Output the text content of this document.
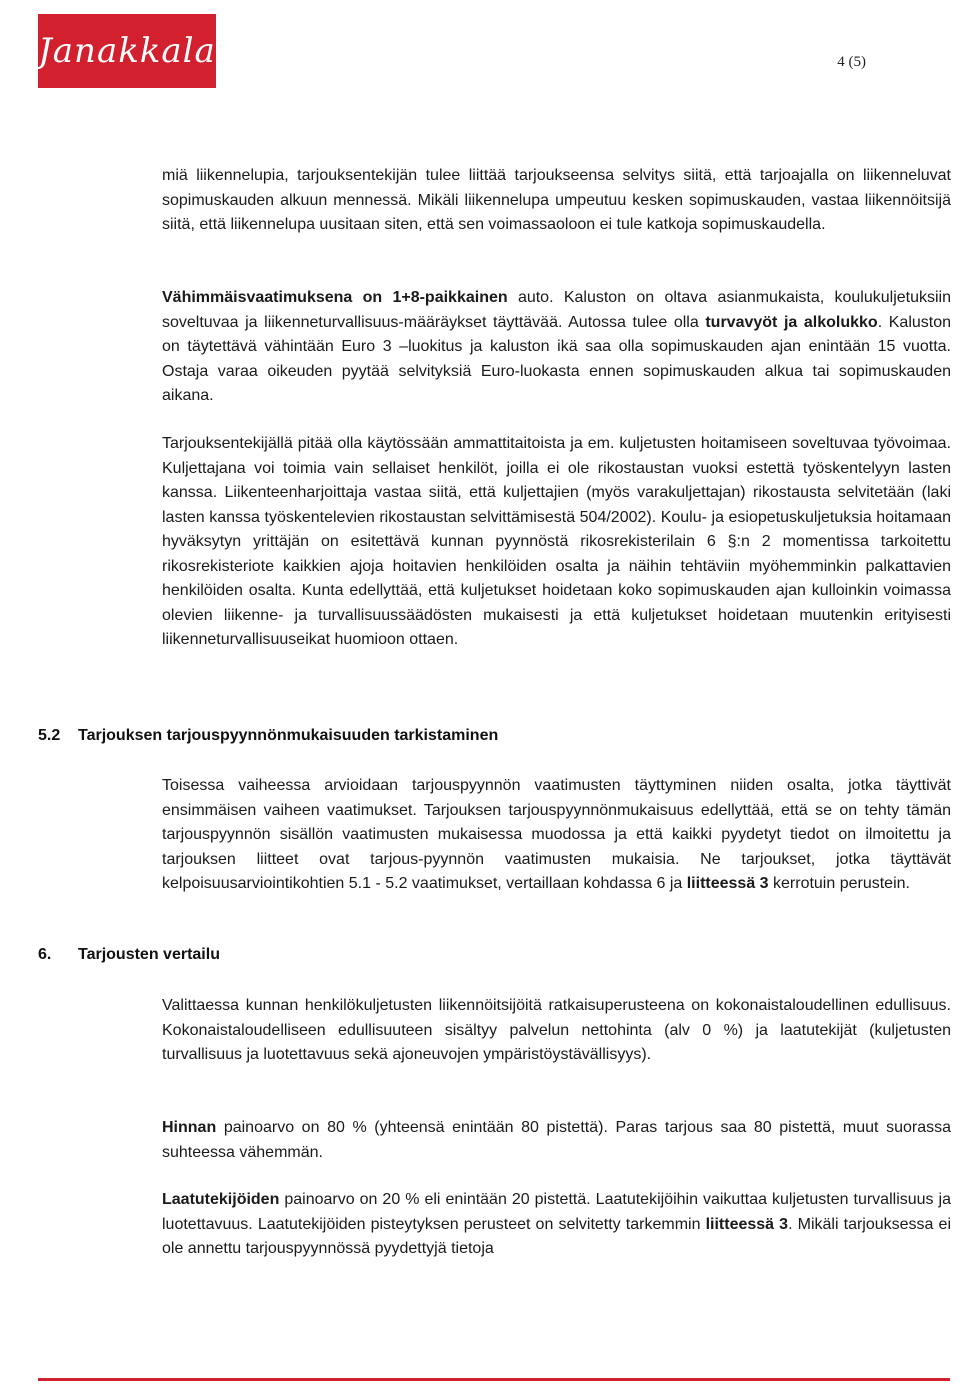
Janakkala	4 (5)

miä liikennelupia, tarjouksentekijän tulee liittää tarjoukseensa selvitys siitä, että tarjoajalla on liikenneluvat sopimuskauden alkuun mennessä. Mikäli liikennelupa umpeutuu kesken sopimuskauden, vastaa liikennöitsijä siitä, että liikennelupa uusitaan siten, että sen voimassaoloon ei tule katkoja sopimuskaudella.

Vähimmäisvaatimuksena on 1+8-paikkainen auto. Kaluston on oltava asianmukaista, koulukuljetuksiin soveltuvaa ja liikenneturvallisuus-määräykset täyttävää. Autossa tulee olla turvavyöt ja alkolukko. Kaluston on täytettävä vähintään Euro 3 –luokitus ja kaluston ikä saa olla sopimuskauden ajan enintään 15 vuotta. Ostaja varaa oikeuden pyytää selvityksiä Euro-luokasta ennen sopimuskauden alkua tai sopimuskauden aikana.

Tarjouksentekijällä pitää olla käytössään ammattitaitoista ja em. kuljetusten hoitamiseen soveltuvaa työvoimaa. Kuljettajana voi toimia vain sellaiset henkilöt, joilla ei ole rikostaustan vuoksi estettä työskentelyyn lasten kanssa. Liikenteenharjoittaja vastaa siitä, että kuljettajien (myös varakuljettajan) rikostausta selvitetään (laki lasten kanssa työskentelevien rikostaustan selvittämisestä 504/2002). Koulu- ja esiopetuskuljetuksia hoitamaan hyväksytyn yrittäjän on esitettävä kunnan pyynnöstä rikosrekisterilain 6 §:n 2 momentissa tarkoitettu rikosrekisteriote kaikkien ajoja hoitavien henkilöiden osalta ja näihin tehtäviin myöhemminkin palkattavien henkilöiden osalta. Kunta edellyttää, että kuljetukset hoidetaan koko sopimuskauden ajan kulloinkin voimassa olevien liikenne- ja turvallisuussäädösten mukaisesti ja että kuljetukset hoidetaan muutenkin erityisesti liikenneturvallisuuseikat huomioon ottaen.

5.2 Tarjouksen tarjouspyynnönmukaisuuden tarkistaminen

Toisessa vaiheessa arvioidaan tarjouspyynnön vaatimusten täyttyminen niiden osalta, jotka täyttivät ensimmäisen vaiheen vaatimukset. Tarjouksen tarjouspyynnönmukaisuus edellyttää, että se on tehty tämän tarjouspyynnön sisällön vaatimusten mukaisessa muodossa ja että kaikki pyydetyt tiedot on ilmoitettu ja tarjouksen liitteet ovat tarjous-pyynnön vaatimusten mukaisia. Ne tarjoukset, jotka täyttävät kelpoisuusarviointikohtien 5.1 - 5.2 vaatimukset, vertaillaan kohdassa 6 ja liitteessä 3 kerrotuin perustein.

6. Tarjousten vertailu

Valittaessa kunnan henkilökuljetusten liikennöitsijöitä ratkaisuperusteena on kokonaistaloudellinen edullisuus. Kokonaistaloudelliseen edullisuuteen sisältyy palvelun nettohinta (alv 0 %) ja laatutekijät (kuljetusten turvallisuus ja luotettavuus sekä ajoneuvojen ympäristöystävällisyys).

Hinnan painoarvo on 80 % (yhteensä enintään 80 pistettä). Paras tarjous saa 80 pistettä, muut suorassa suhteessa vähemmän.

Laatutekijöiden painoarvo on 20 % eli enintään 20 pistettä. Laatutekijöihin vaikuttaa kuljetusten turvallisuus ja luotettavuus. Laatutekijöiden pisteytyksen perusteet on selvitetty tarkemmin liitteessä 3. Mikäli tarjouksessa ei ole annettu tarjouspyynnössä pyydettyjä tietoja
